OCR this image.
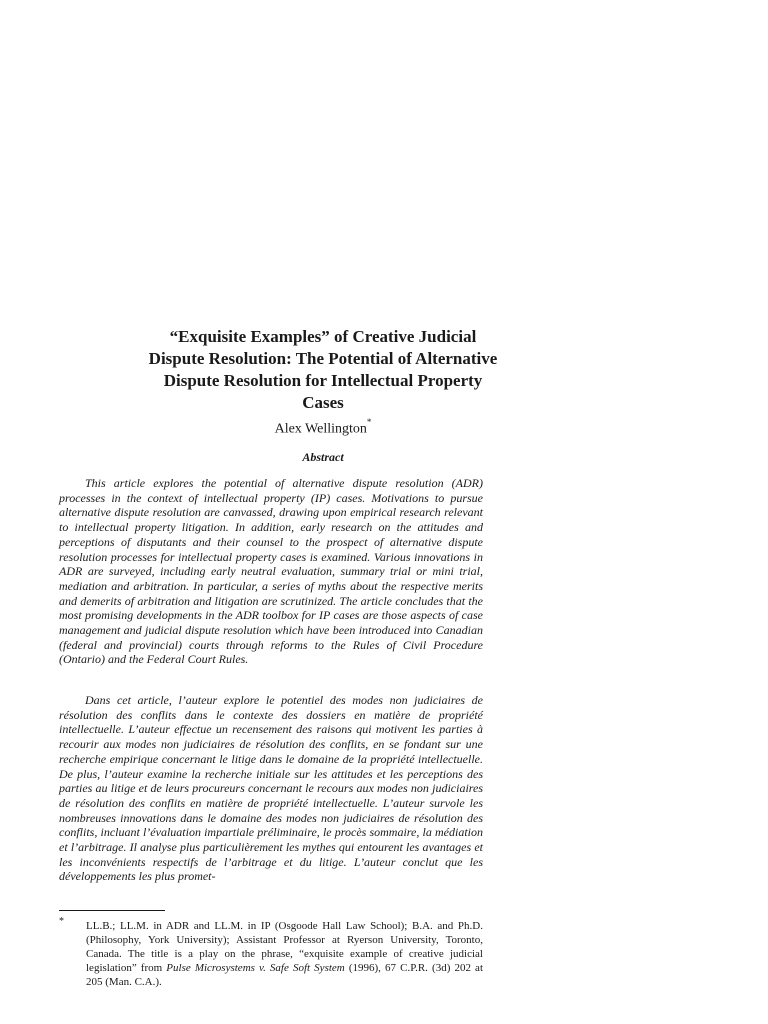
“Exquisite Examples” of Creative Judicial
Dispute Resolution: The Potential of Alternative
Dispute Resolution for Intellectual Property
Cases
Alex Wellington*
Abstract

This article explores the potential of alternative dispute resolution (ADR) processes in the context of intellectual property (IP) cases. Motivations to pursue alternative dispute resolution are canvassed, drawing upon empirical research relevant to intellectual property litigation. In addition, early research on the attitudes and perceptions of disputants and their counsel to the prospect of alternative dispute resolution processes for intellectual property cases is examined. Various innovations in ADR are surveyed, including early neutral evaluation, summary trial or mini trial, mediation and arbitration. In particular, a series of myths about the respective merits and demerits of arbitration and litigation are scrutinized. The article concludes that the most promising developments in the ADR toolbox for IP cases are those aspects of case management and judicial dispute resolution which have been introduced into Canadian (federal and provincial) courts through reforms to the Rules of Civil Procedure (Ontario) and the Federal Court Rules.

Dans cet article, l’auteur explore le potentiel des modes non judiciaires de résolution des conflits dans le contexte des dossiers en matière de propriété intellectuelle. L’auteur effectue un recensement des raisons qui motivent les parties à recourir aux modes non judiciaires de résolution des conflits, en se fondant sur une recherche empirique concernant le litige dans le domaine de la propriété intellectuelle. De plus, l’auteur examine la recherche initiale sur les attitudes et les perceptions des parties au litige et de leurs procureurs concernant le recours aux modes non judiciaires de résolution des conflits en matière de propriété intellectuelle. L’auteur survole les nombreuses innovations dans le domaine des modes non judiciaires de résolution des conflits, incluant l’évaluation impartiale préliminaire, le procès sommaire, la médiation et l’arbitrage. Il analyse plus particulièrement les mythes qui entourent les avantages et les inconvénients respectifs de l’arbitrage et du litige. L’auteur conclut que les développements les plus promet-

* LL.B.; LL.M. in ADR and LL.M. in IP (Osgoode Hall Law School); B.A. and Ph.D. (Philosophy, York University); Assistant Professor at Ryerson University, Toronto, Canada. The title is a play on the phrase, “exquisite example of creative judicial legislation” from Pulse Microsystems v. Safe Soft System (1996), 67 C.P.R. (3d) 202 at 205 (Man. C.A.).
